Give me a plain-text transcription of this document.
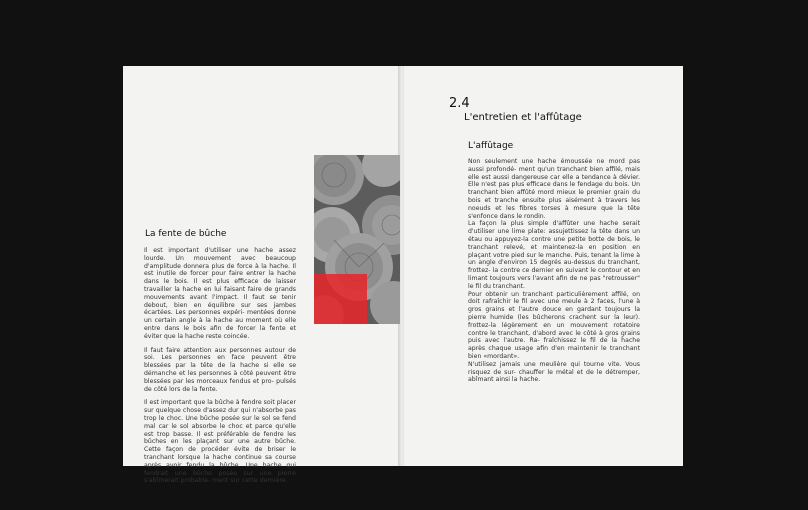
La fente de bûche

Il est important d'utiliser une hache assez lourde. Un mouvement avec beaucoup d'amplitude donnera plus de force à la hache. Il est inutile de forcer pour faire entrer la hache dans le bois. Il est plus efficace de laisser travailler la hache en lui faisant faire de grands mouvements avant l'impact. Il faut se tenir debout, bien en équilibre sur ses jambes écartées. Les personnes expéri- mentées donne un certain angle à la hache au moment où elle entre dans le bois afin de forcer la fente et éviter que la hache reste coincée.

Il faut faire attention aux personnes autour de soi. Les personnes en face peuvent être blessées par la tête de la hache si elle se démanche et les personnes à côté peuvent être blessées par les morceaux fendus et pro- pulsés de côté lors de la fente.

Il est important que la bûche à fendre soit placer sur quelque chose d'assez dur qui n'absorbe pas trop le choc. Une bûche posée sur le sol se fend mal car le sol absorbe le choc et parce qu'elle est trop basse. Il est préférable de fendre les bûches en les plaçant sur une autre bûche. Cette façon de procéder évite de briser le tranchant lorsque la hache continue sa course après avoir fendu la bûche. Une hache qui fendrait une bûche posée sur une pierre s'abîmerait probable- ment sur cette dernière.

2.4
L'entretien et l'affûtage
L'affûtage
Non seulement une hache émoussée ne mord pas aussi profondé- ment qu'un tranchant bien affilé, mais elle est aussi dangereuse car elle a tendance à dévier. Elle n'est pas plus efficace dans le fendage du bois. Un tranchant bien affûté mord mieux le premier grain du bois et tranche ensuite plus aisément à travers les noeuds et les fibres torses à mesure que la tête s'enfonce dans le rondin.
La façon la plus simple d'affûter une hache serait d'utiliser une lime plate: assujettissez la tête dans un étau ou appuyez-la contre une petite botte de bois, le tranchant relevé, et maintenez-la en position en plaçant votre pied sur le manche. Puis, tenant la lime à un angle d'environ 15 degrés au-dessus du tranchant, frottez- la contre ce dernier en suivant le contour et en limant toujours vers l'avant afin de ne pas "retrousser" le fil du tranchant.
Pour obtenir un tranchant particulièrement affilé, on doit rafraîchir le fil avec une meule à 2 faces, l'une à gros grains et l'autre douce en gardant toujours la pierre humide (les bûcherons crachent sur la leur). frottez-la légèrement en un mouvement rotatoire contre le tranchant, d'abord avec le côté à gros grains puis avec l'autre. Ra- fraîchissez le fil de la hache après chaque usage afin d'en maintenir le tranchant bien «mordant».
N'utilisez jamais une meulière qui tourne vite. Vous risquez de sur- chauffer le métal et de le détremper, abîmant ainsi la hache.
